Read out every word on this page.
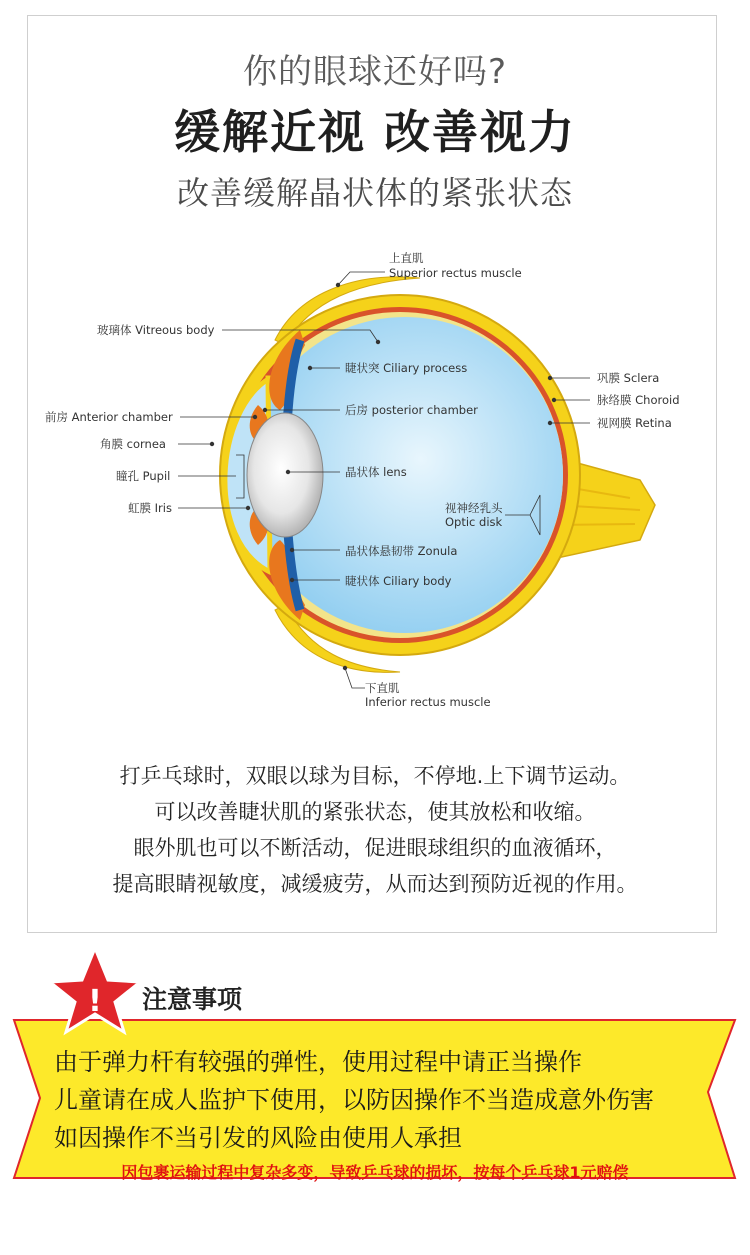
你的眼球还好吗?
缓解近视 改善视力
改善缓解晶状体的紧张状态
上直肌
Superior rectus muscle
玻璃体 Vitreous body
睫状突 Ciliary process
后房 posterior chamber
前房 Anterior chamber
角膜 cornea
瞳孔 Pupil	晶状体 lens
虹膜 Iris	视神经乳头
Optic disk
晶状体悬韧带 Zonula
睫状体 Ciliary body
下直肌
Inferior rectus muscle
巩膜 Sclera
脉络膜 Choroid
视网膜 Retina
打乒乓球时，双眼以球为目标，不停地.上下调节运动。
可以改善睫状肌的紧张状态，使其放松和收缩。
眼外肌也可以不断活动，促进眼球组织的血液循环，
提高眼睛视敏度，减缓疲劳，从而达到预防近视的作用。
! 注意事项
由于弹力杆有较强的弹性，使用过程中请正当操作
儿童请在成人监护下使用，以防因操作不当造成意外伤害
如因操作不当引发的风险由使用人承担
因包裹运输过程中复杂多变，导致乒乓球的损坏，按每个乒乓球1元赔偿
